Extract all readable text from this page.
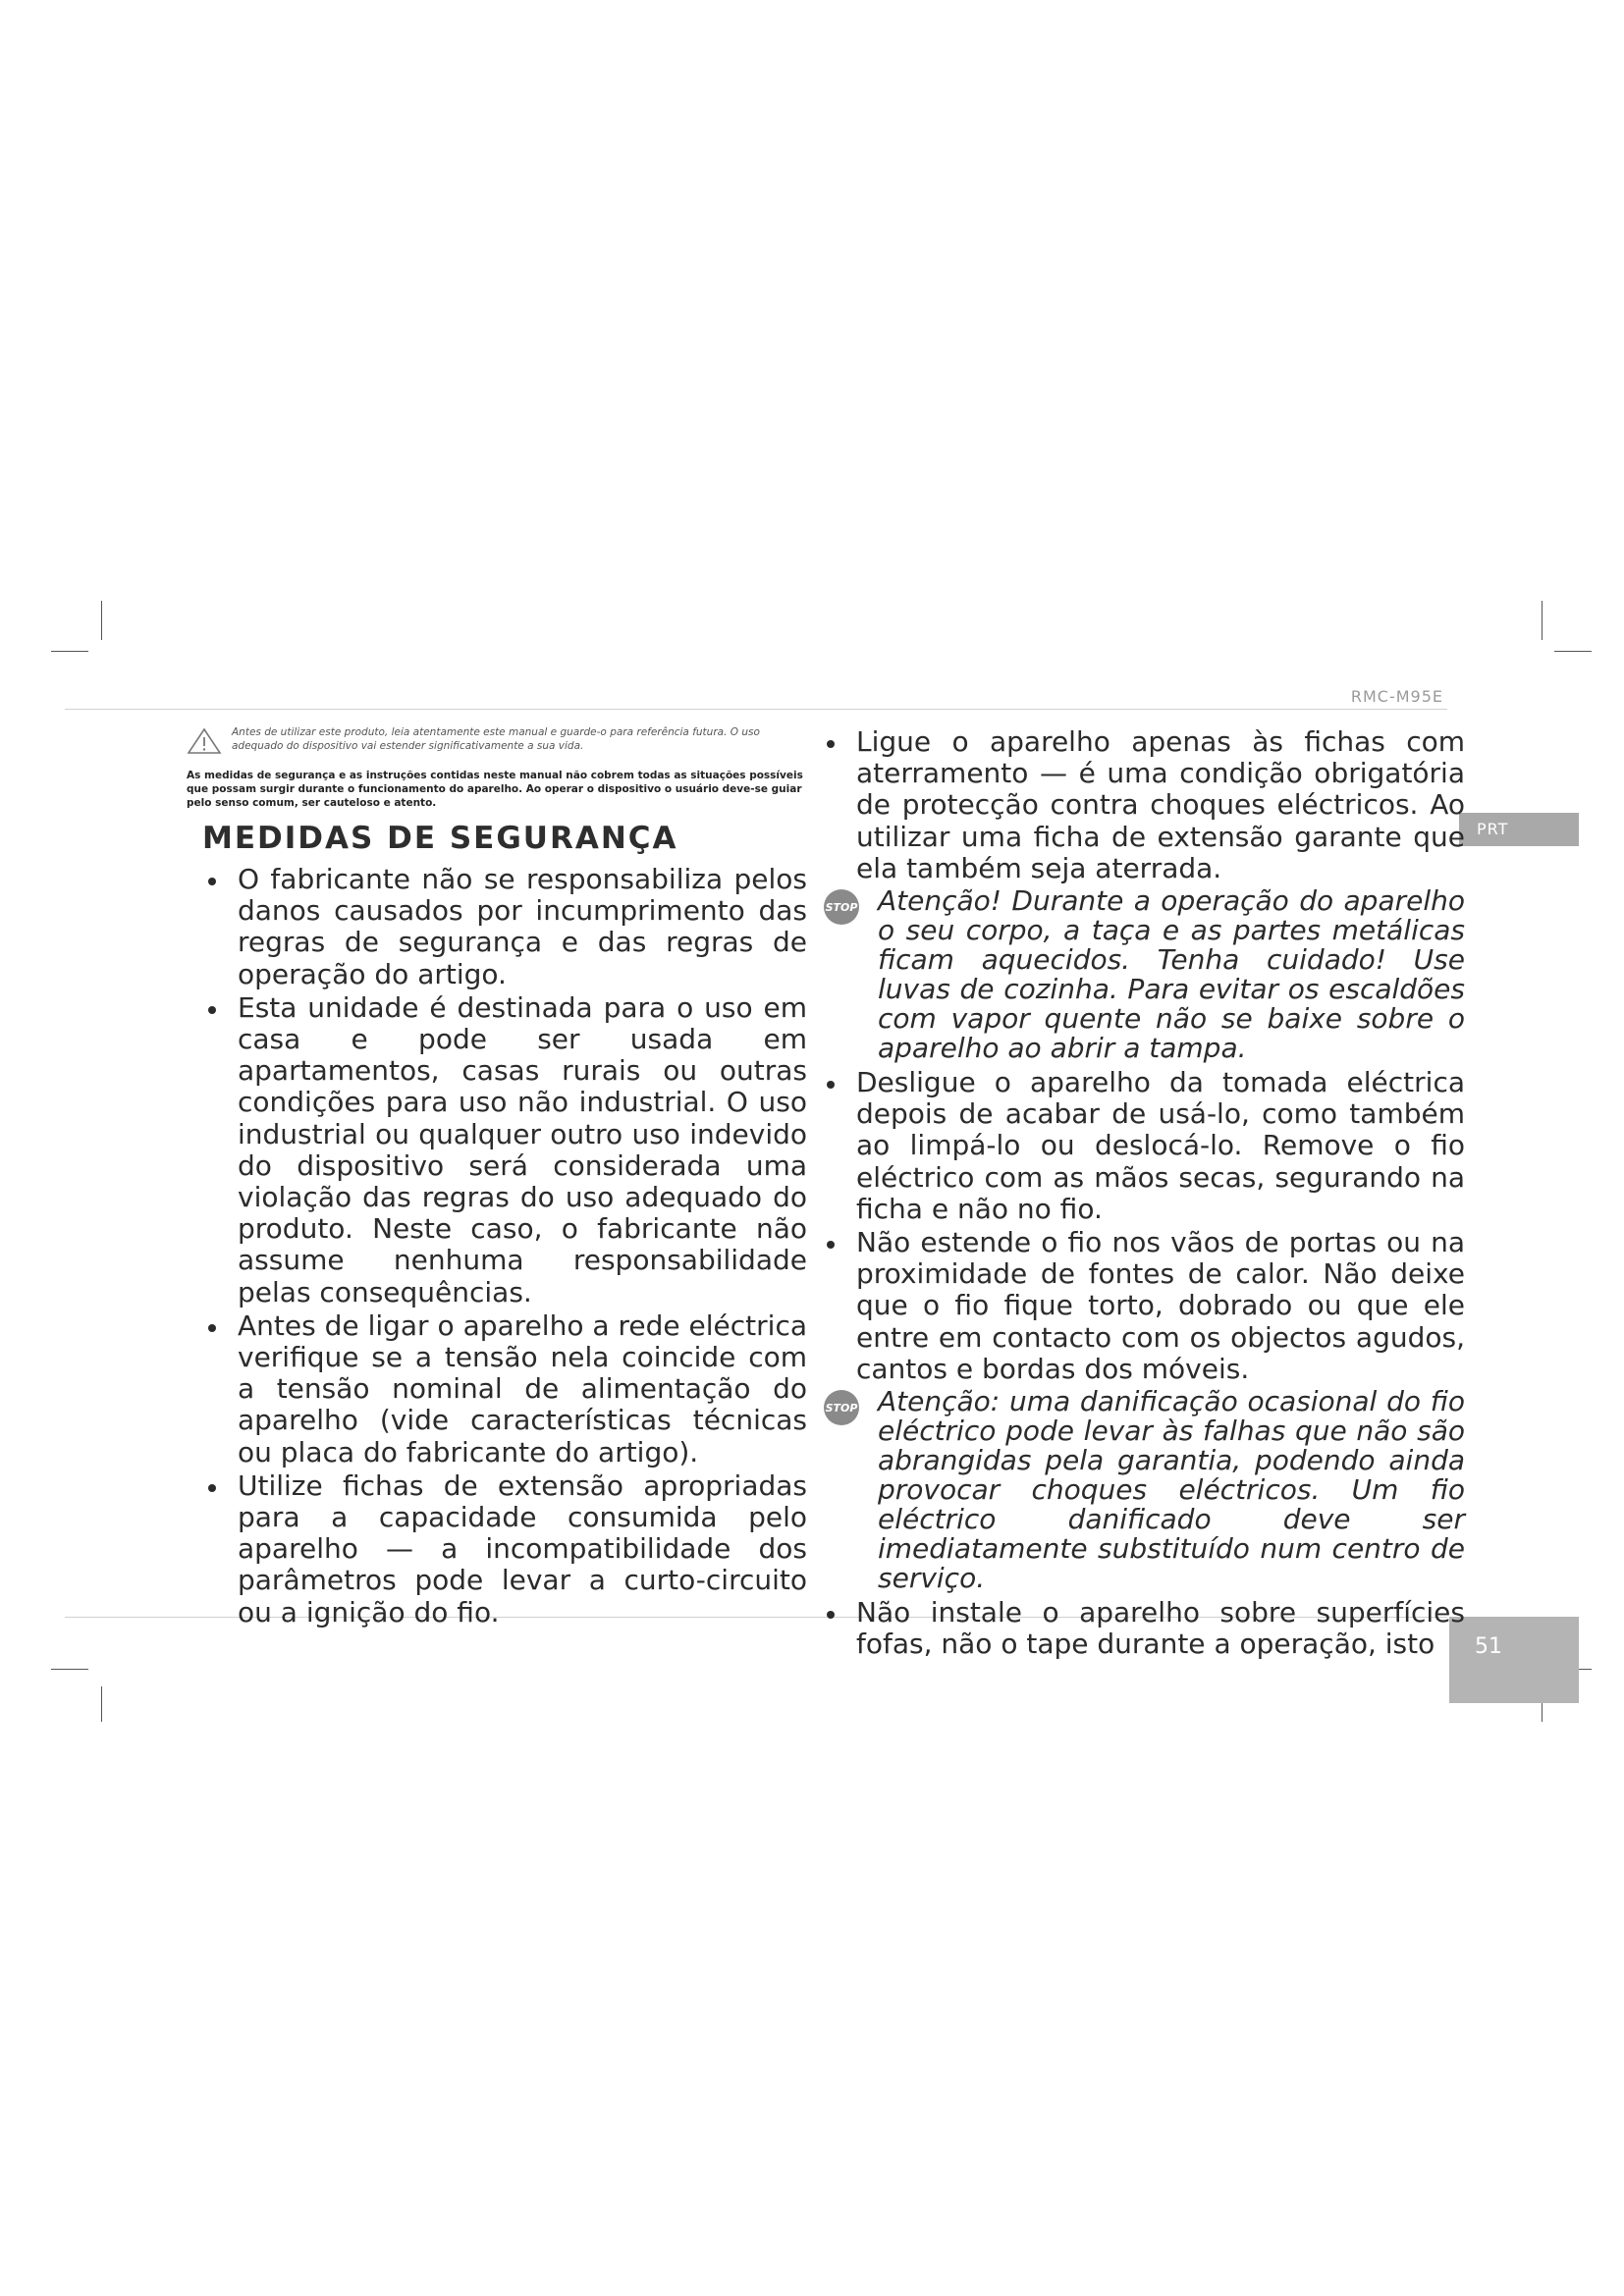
RMC-M95E
PRT
51
Antes de utilizar este produto, leia atentamente este manual e guarde-o para referência futura. O uso adequado do dispositivo vai estender significativamente a sua vida.
As medidas de segurança e as instruções contidas neste manual não cobrem todas as situações possíveis que possam surgir durante o funcionamento do aparelho. Ao operar o dispositivo o usuário deve-se guiar pelo senso comum, ser cauteloso e atento.
MEDIDAS DE SEGURANÇA
O fabricante não se responsabiliza pelos danos causados por incumprimento das regras de segurança e das regras de operação do artigo.
Esta unidade é destinada para o uso em casa e pode ser usada em apartamentos, casas rurais ou outras condições para uso não industrial. O uso industrial ou qualquer outro uso indevido do dispositivo será considerada uma violação das regras do uso adequado do produto. Neste caso, o fabricante não assume nenhuma responsabilidade pelas consequências.
Antes de ligar o aparelho a rede eléctrica verifique se a tensão nela coincide com a tensão nominal de alimentação do aparelho (vide características técnicas ou placa do fabricante do artigo).
Utilize fichas de extensão apropriadas para a capacidade consumida pelo aparelho — a incompatibilidade dos parâmetros pode levar a curto-circuito ou a ignição do fio.
Ligue o aparelho apenas às fichas com aterramento — é uma condição obrigatória de protecção contra choques eléctricos. Ao utilizar uma ficha de extensão garante que ela também seja aterrada.
STOP Atenção! Durante a operação do aparelho o seu corpo, a taça e as partes metálicas ficam aquecidos. Tenha cuidado! Use luvas de cozinha. Para evitar os escaldões com vapor quente não se baixe sobre o aparelho ao abrir a tampa.
Desligue o aparelho da tomada eléctrica depois de acabar de usá-lo, como também ao limpá-lo ou deslocá-lo. Remove o fio eléctrico com as mãos secas, segurando na ficha e não no fio.
Não estende o fio nos vãos de portas ou na proximidade de fontes de calor. Não deixe que o fio fique torto, dobrado ou que ele entre em contacto com os objectos agudos, cantos e bordas dos móveis.
STOP Atenção: uma danificação ocasional do fio eléctrico pode levar às falhas que não são abrangidas pela garantia, podendo ainda provocar choques eléctricos. Um fio eléctrico danificado deve ser imediatamente substituído num centro de serviço.
Não instale o aparelho sobre superfícies fofas, não o tape durante a operação, isto
